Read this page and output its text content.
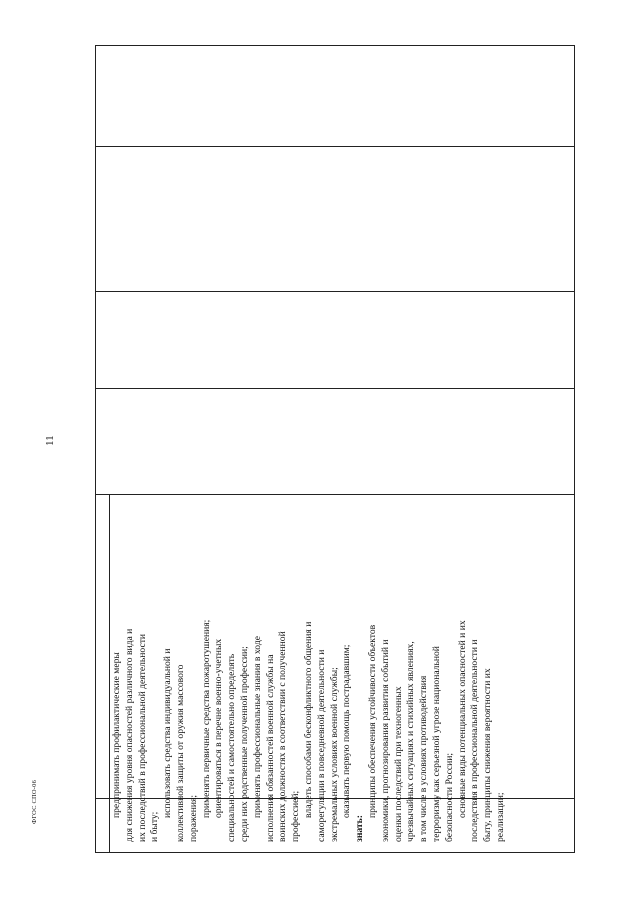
11
ФГОС СПО-06	предпринимать профилактические меры для снижения уровня опасностей различного вида и их последствий в профессиональной деятельности и быту;

использовать средства индивидуальной и коллективной защиты от оружия массового поражения;

применять первичные средства пожаротушения; ориентироваться в перечне военно-учетных специальностей и самостоятельно определять среди них родственные полученной профессии; применять профессиональные знания в ходе исполнения обязанностей военной службы на воинских должностях в соответствии с полученной профессией; владеть способами бесконфликтного общения и саморегуляции в повседневной деятельности и экстремальных условиях военной службы; оказывать первую помощь пострадавшим;

знать:

принципы обеспечения устойчивости объектов экономики, прогнозирования развития событий и оценки последствий при техногенных чрезвычайных ситуациях и стихийных явлениях, в том числе в условиях противодействия терроризму как серьезной угрозе национальной безопасности России; основные виды потенциальных опасностей и их последствия в профессиональной деятельности и быту, принципы снижения вероятности их реализации;
